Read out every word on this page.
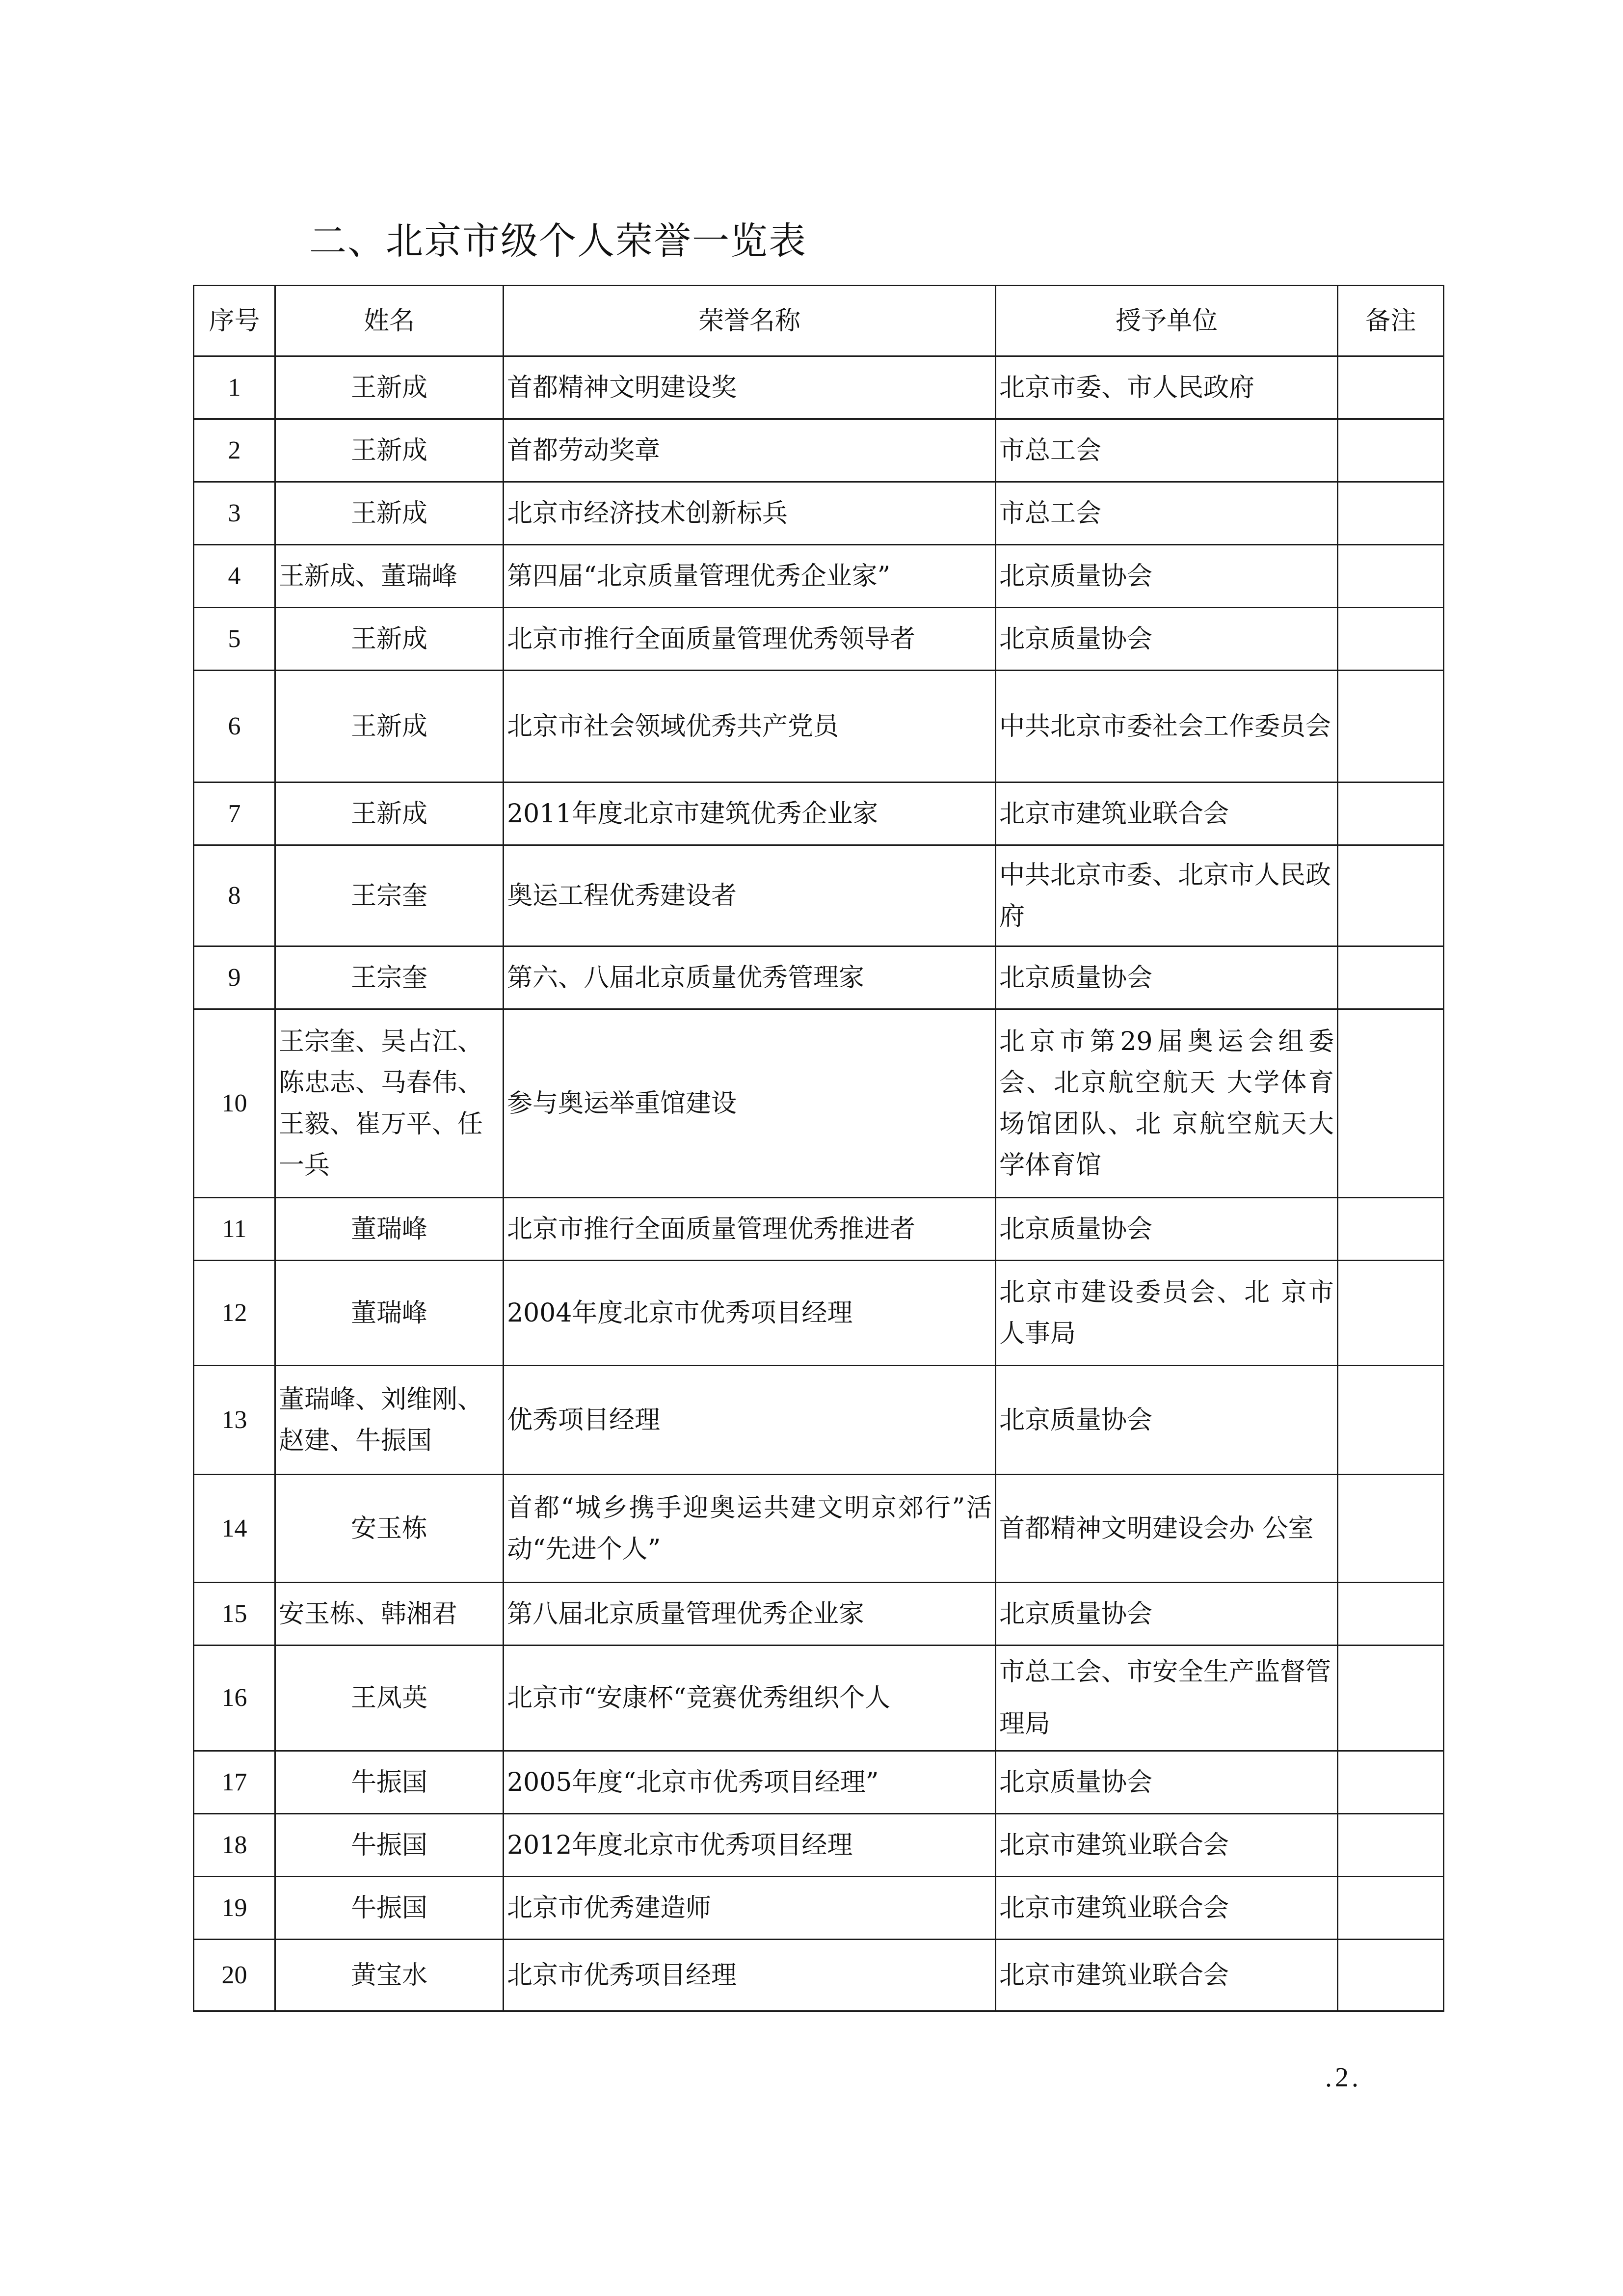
二、北京市级个人荣誉一览表
序号	姓名	荣誉名称	授予单位	备注
1	王新成	首都精神文明建设奖	北京市委、市人民政府	
2	王新成	首都劳动奖章	市总工会	
3	王新成	北京市经济技术创新标兵	市总工会	
4	王新成、董瑞峰	第四届“北京质量管理优秀企业家”	北京质量协会	
5	王新成	北京市推行全面质量管理优秀领导者	北京质量协会	
6	王新成	北京市社会领域优秀共产党员	中共北京市委社会工作委员会	
7	王新成	2011年度北京市建筑优秀企业家	北京市建筑业联合会	
8	王宗奎	奥运工程优秀建设者	中共北京市委、北京市人民政府	
9	王宗奎	第六、八届北京质量优秀管理家	北京质量协会	
10	王宗奎、吴占江、陈忠志、马春伟、王毅、崔万平、任一兵	参与奥运举重馆建设	北京市第29届奥运会组委会、北京航空航天 大学体育场馆团队、北 京航空航天大学体育馆	
11	董瑞峰	北京市推行全面质量管理优秀推进者	北京质量协会	
12	董瑞峰	2004年度北京市优秀项目经理	北京市建设委员会、北 京市人事局	
13	董瑞峰、刘维刚、赵建、牛振国	优秀项目经理	北京质量协会	
14	安玉栋	首都“城乡携手迎奥运共建文明京郊行”活动“先进个人”	首都精神文明建设会办 公室	
15	安玉栋、韩湘君	第八届北京质量管理优秀企业家	北京质量协会	
16	王凤英	北京市“安康杯“竞赛优秀组织个人	市总工会、市安全生产监督管理局	
17	牛振国	2005年度“北京市优秀项目经理”	北京质量协会	
18	牛振国	2012年度北京市优秀项目经理	北京市建筑业联合会	
19	牛振国	北京市优秀建造师	北京市建筑业联合会	
20	黄宝水	北京市优秀项目经理	北京市建筑业联合会	
.2.
